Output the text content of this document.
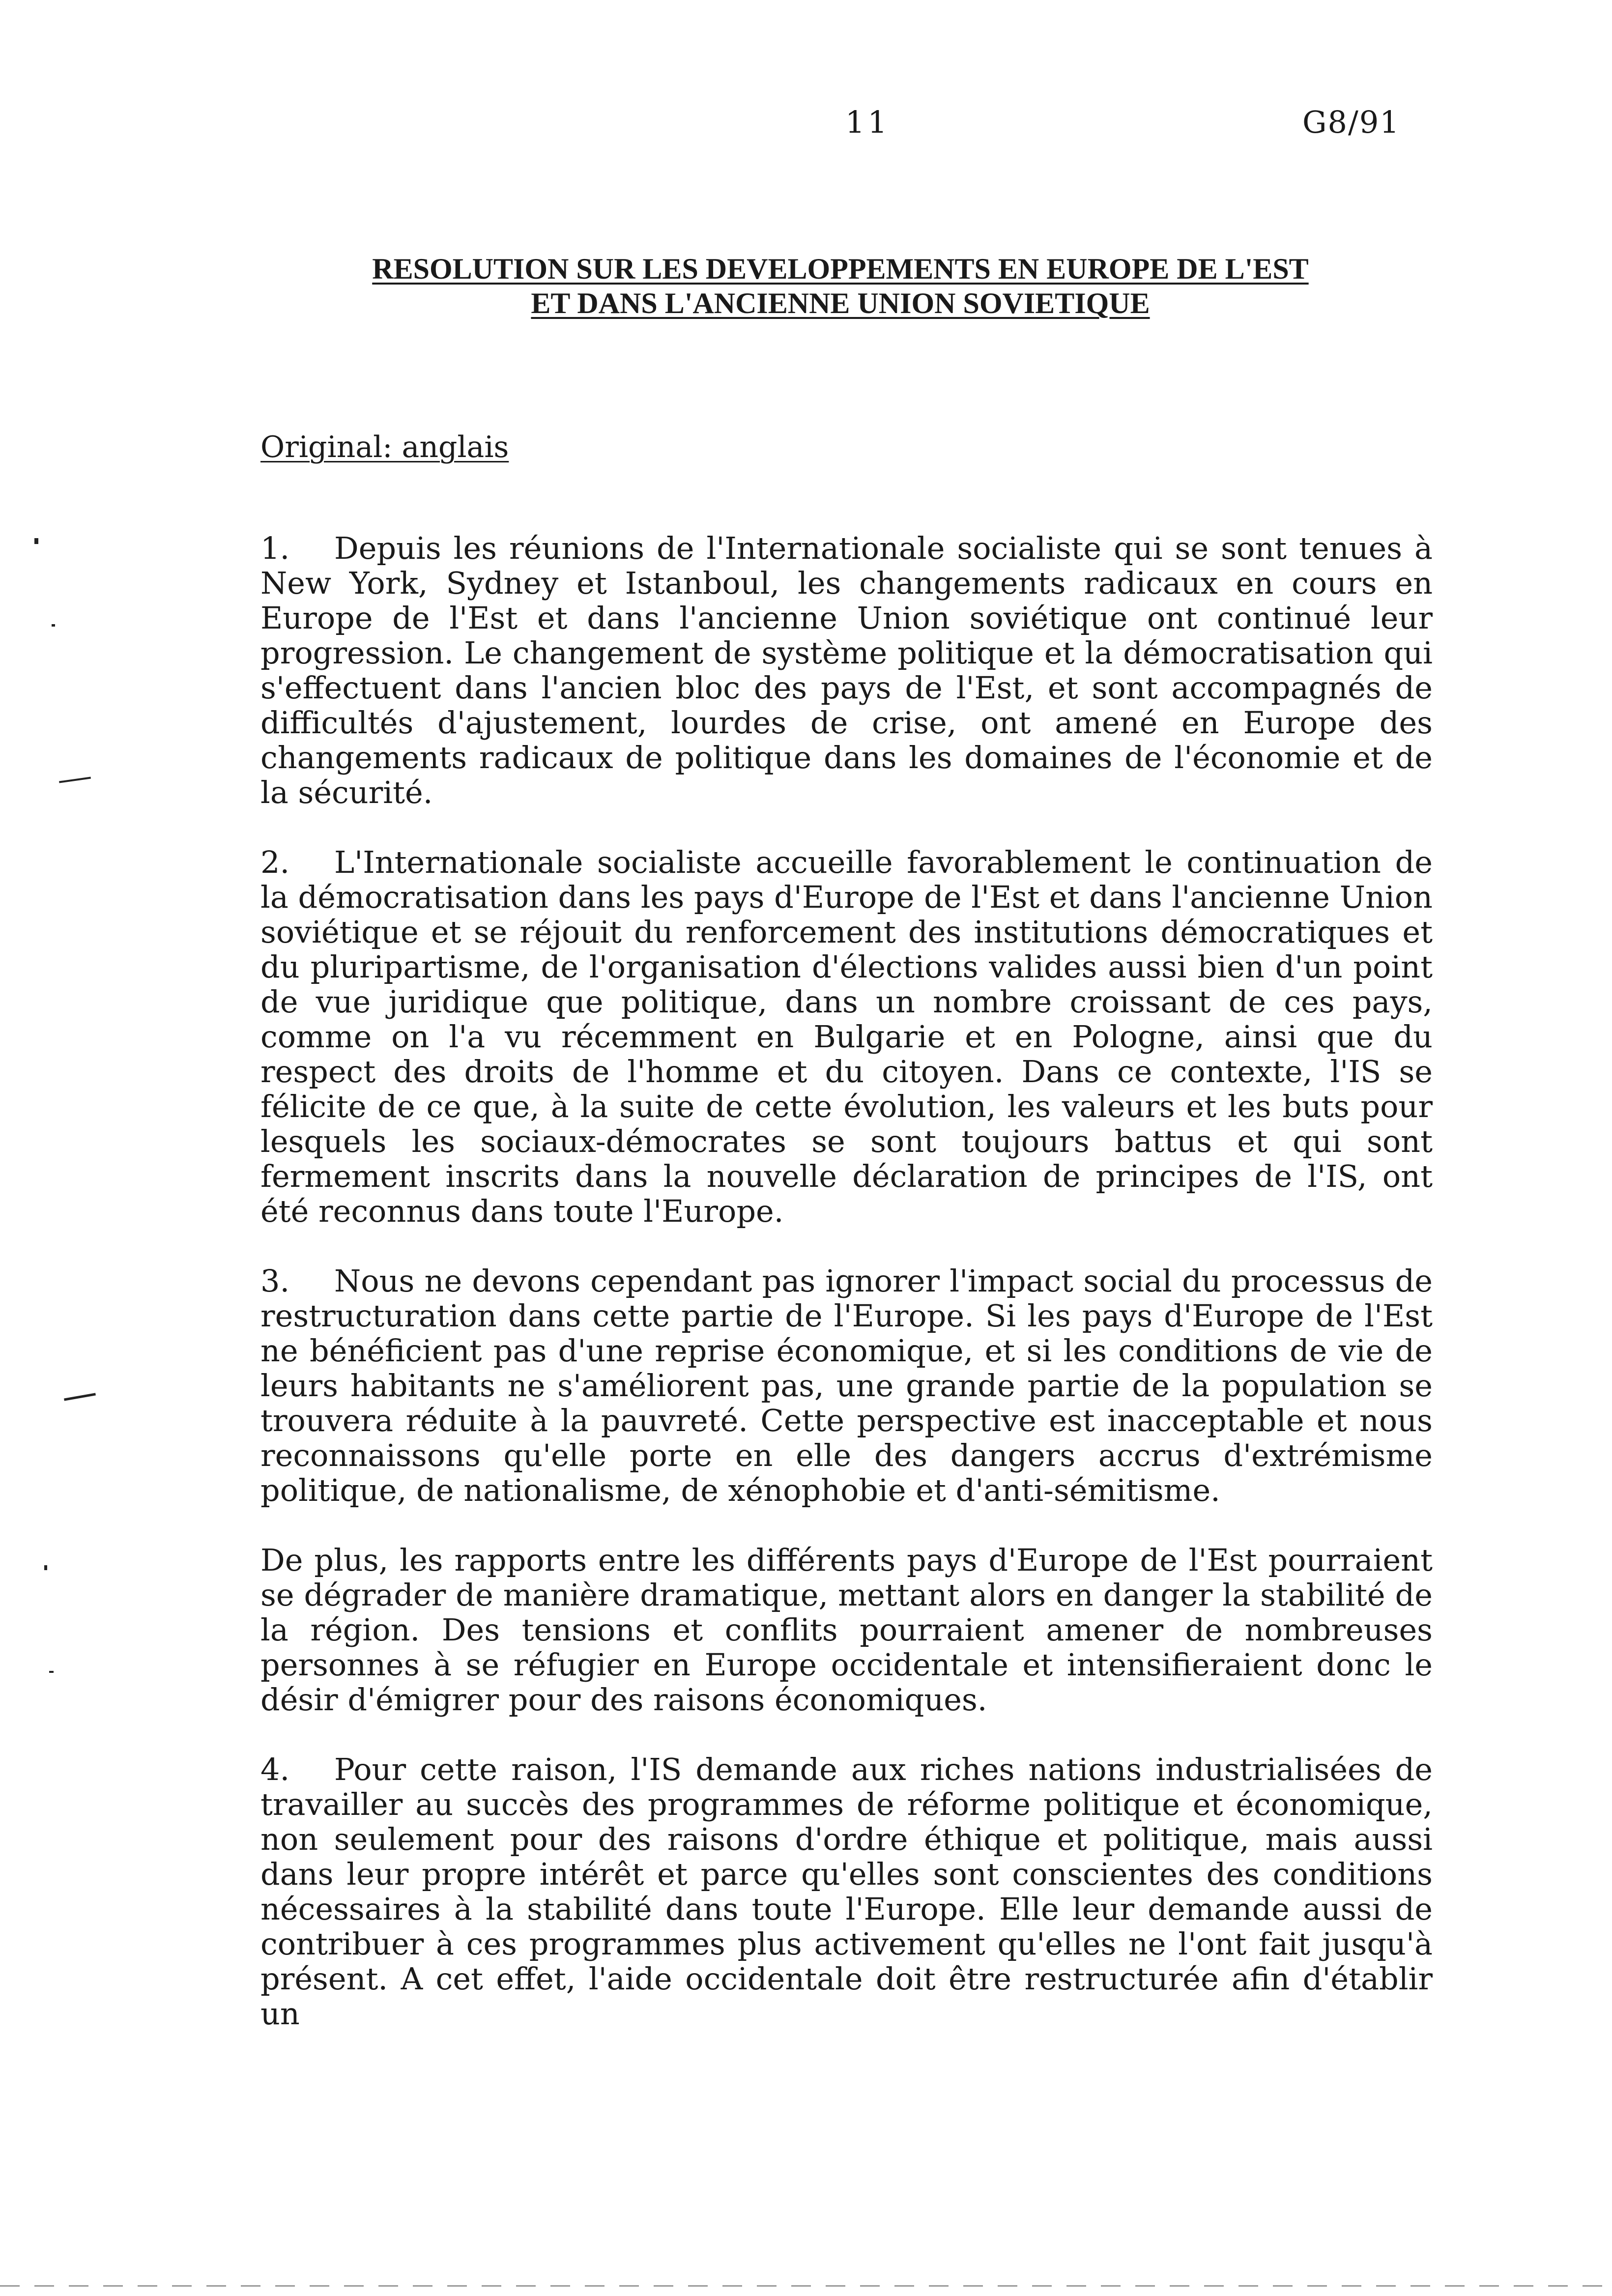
11	G8/91
RESOLUTION SUR LES DEVELOPPEMENTS EN EUROPE DE L'EST
ET DANS L'ANCIENNE UNION SOVIETIQUE
Original: anglais

1. Depuis les réunions de l'Internationale socialiste qui se sont tenues à New York, Sydney et Istanboul, les changements radicaux en cours en Europe de l'Est et dans l'ancienne Union soviétique ont continué leur progression. Le changement de système politique et la démocratisation qui s'effectuent dans l'ancien bloc des pays de l'Est, et sont accompagnés de difficultés d'ajustement, lourdes de crise, ont amené en Europe des changements radicaux de politique dans les domaines de l'économie et de la sécurité.

2. L'Internationale socialiste accueille favorablement le continuation de la démocratisation dans les pays d'Europe de l'Est et dans l'ancienne Union soviétique et se réjouit du renforcement des institutions démocratiques et du pluripartisme, de l'organisation d'élections valides aussi bien d'un point de vue juridique que politique, dans un nombre croissant de ces pays, comme on l'a vu récemment en Bulgarie et en Pologne, ainsi que du respect des droits de l'homme et du citoyen. Dans ce contexte, l'IS se félicite de ce que, à la suite de cette évolution, les valeurs et les buts pour lesquels les sociaux-démocrates se sont toujours battus et qui sont fermement inscrits dans la nouvelle déclaration de principes de l'IS, ont été reconnus dans toute l'Europe.

3. Nous ne devons cependant pas ignorer l'impact social du processus de restructuration dans cette partie de l'Europe. Si les pays d'Europe de l'Est ne bénéficient pas d'une reprise économique, et si les conditions de vie de leurs habitants ne s'améliorent pas, une grande partie de la population se trouvera réduite à la pauvreté. Cette perspective est inacceptable et nous reconnaissons qu'elle porte en elle des dangers accrus d'extrémisme politique, de nationalisme, de xénophobie et d'anti-sémitisme.

De plus, les rapports entre les différents pays d'Europe de l'Est pourraient se dégrader de manière dramatique, mettant alors en danger la stabilité de la région. Des tensions et conflits pourraient amener de nombreuses personnes à se réfugier en Europe occidentale et intensifieraient donc le désir d'émigrer pour des raisons économiques.

4. Pour cette raison, l'IS demande aux riches nations industrialisées de travailler au succès des programmes de réforme politique et économique, non seulement pour des raisons d'ordre éthique et politique, mais aussi dans leur propre intérêt et parce qu'elles sont conscientes des conditions nécessaires à la stabilité dans toute l'Europe. Elle leur demande aussi de contribuer à ces programmes plus activement qu'elles ne l'ont fait jusqu'à présent. A cet effet, l'aide occidentale doit être restructurée afin d'établir un
